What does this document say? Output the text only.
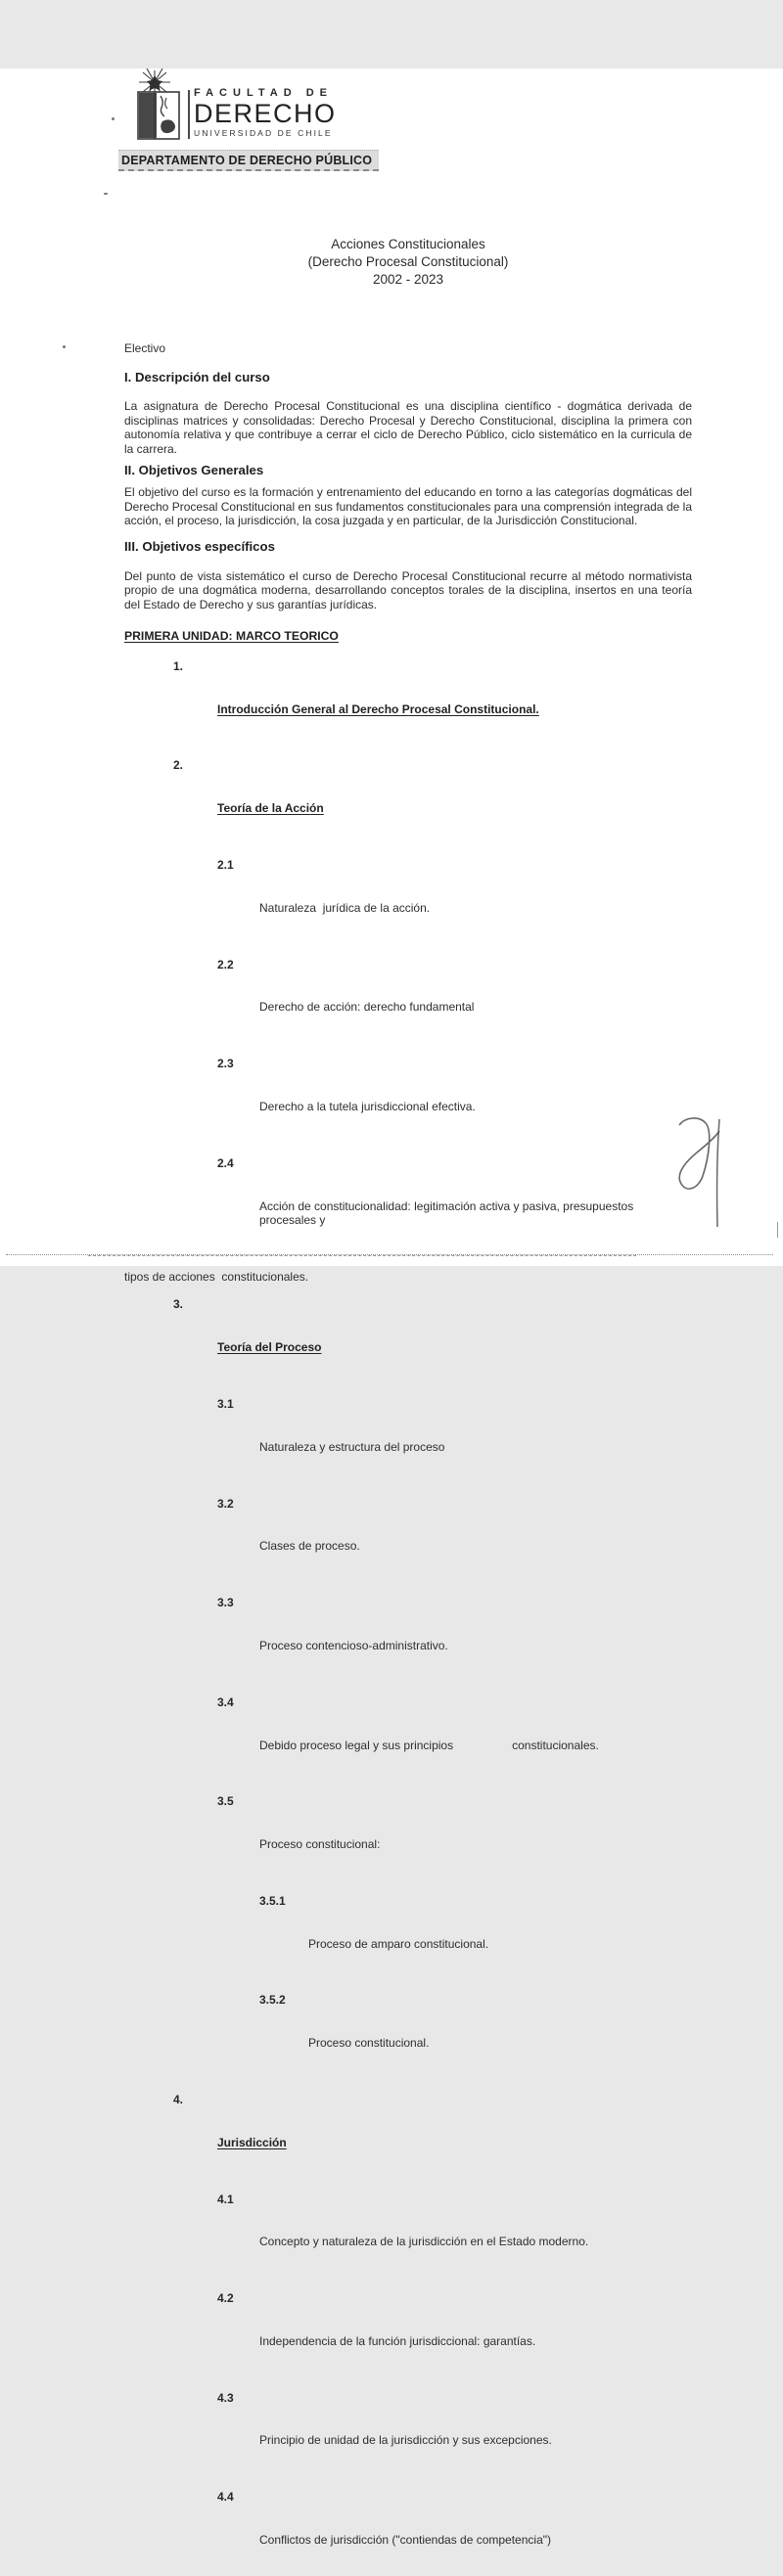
FACULTAD DE
DERECHO
UNIVERSIDAD DE CHILE
DEPARTAMENTO DE DERECHO PÚBLICO
Acciones Constitucionales
(Derecho Procesal Constitucional)
2002 - 2023
Electivo
I. Descripción del curso

La asignatura de Derecho Procesal Constitucional es una disciplina científico - dogmática derivada de disciplinas matrices y consolidadas: Derecho Procesal y Derecho Constitucional, disciplina la primera con autonomía relativa y que contribuye a cerrar el ciclo de Derecho Público, ciclo sistemático en la curricula de la carrera.

II. Objetivos Generales

El objetivo del curso es la formación y entrenamiento del educando en torno a las categorías dogmáticas del Derecho Procesal Constitucional en sus fundamentos constitucionales para una comprensión integrada de la acción, el proceso, la jurisdicción, la cosa juzgada y en particular, de la Jurisdicción Constitucional.

III. Objetivos específicos

Del punto de vista sistemático el curso de Derecho Procesal Constitucional recurre al método normativista propio de una dogmática moderna, desarrollando conceptos torales de la disciplina, insertos en una teoría del Estado de Derecho y sus garantías jurídicas.

PRIMERA UNIDAD: MARCO TEORICO

1.

Introducción General al Derecho Procesal Constitucional.

2.

Teoría de la Acción

2.1

Naturaleza  jurídica de la acción.

2.2

Derecho de acción: derecho fundamental

2.3

Derecho a la tutela jurisdiccional efectiva.

2.4

Acción de constitucionalidad: legitimación activa y pasiva, presupuestos procesales y

tipos de acciones  constitucionales.

3.

Teoría del Proceso

3.1

Naturaleza y estructura del proceso

3.2

Clases de proceso.

3.3

Proceso contencioso-administrativo.

3.4

Debido proceso legal y sus principios	constitucionales.

3.5

Proceso constitucional:

3.5.1

Proceso de amparo constitucional.

3.5.2

Proceso constitucional.

4.

Jurisdicción

4.1

Concepto y naturaleza de la jurisdicción en el Estado moderno.

4.2

Independencia de la función jurisdiccional: garantías.

4.3

Principio de unidad de la jurisdicción y sus excepciones.

4.4

Conflictos de jurisdicción ("contiendas de competencia")
